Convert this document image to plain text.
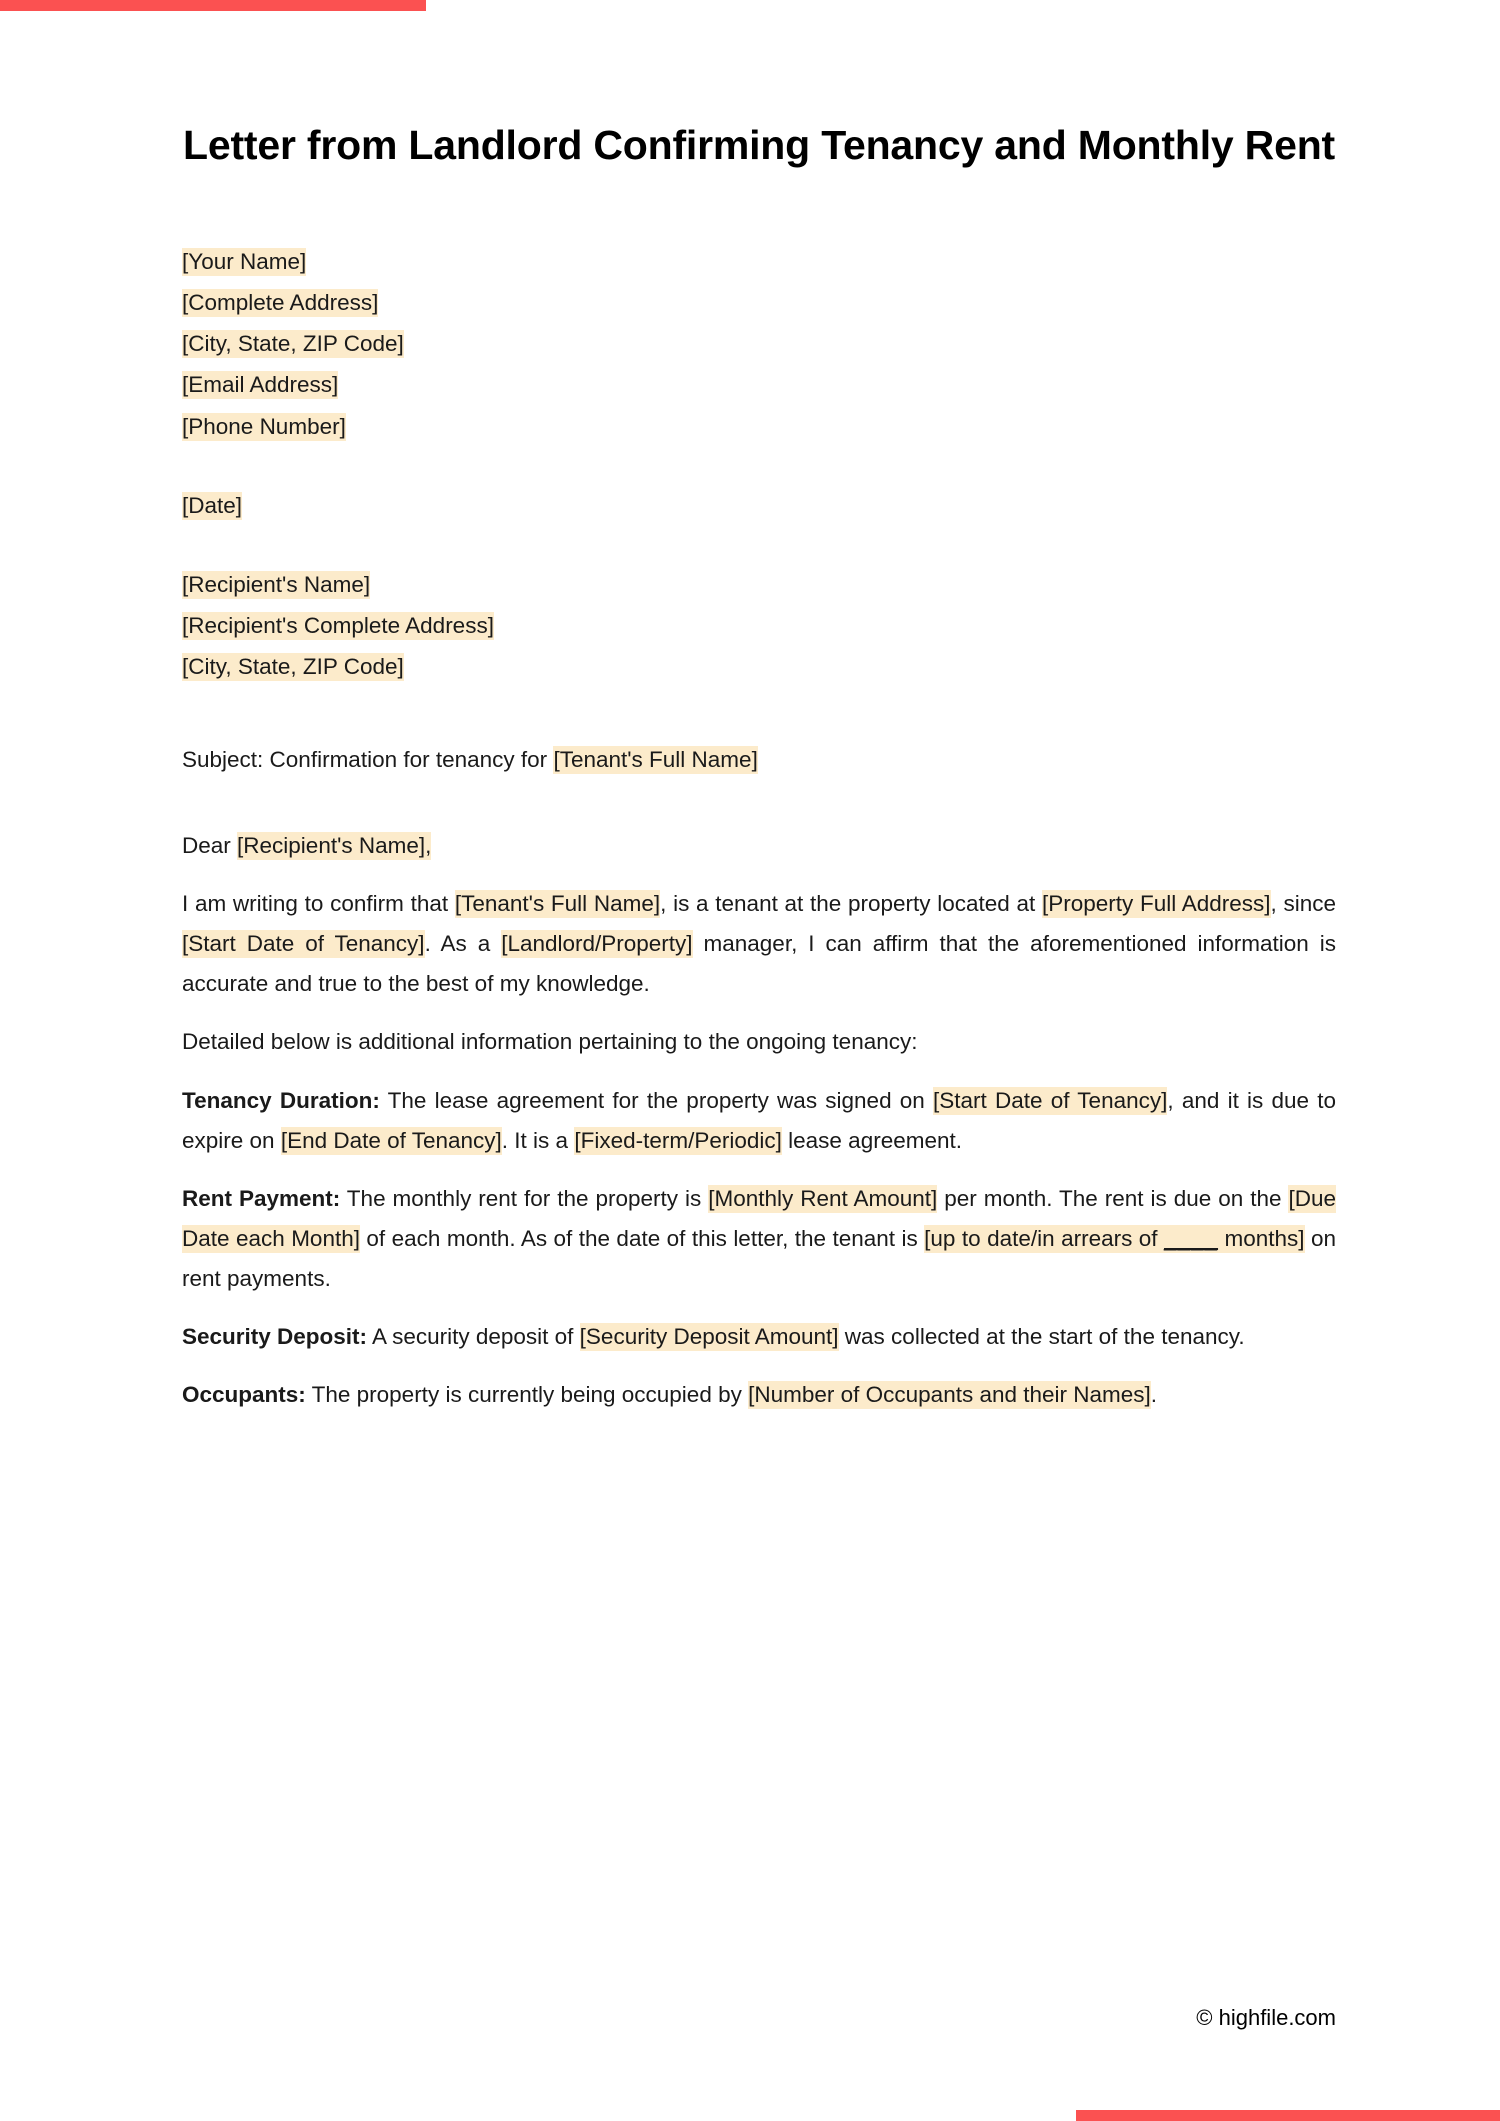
Letter from Landlord Confirming Tenancy and Monthly Rent
[Your Name]
[Complete Address]
[City, State, ZIP Code]
[Email Address]
[Phone Number]
[Date]
[Recipient's Name]
[Recipient's Complete Address]
[City, State, ZIP Code]

Subject: Confirmation for tenancy for [Tenant's Full Name]

Dear [Recipient's Name],

I am writing to confirm that [Tenant's Full Name], is a tenant at the property located at [Property Full Address], since [Start Date of Tenancy]. As a [Landlord/Property] manager, I can affirm that the aforementioned information is accurate and true to the best of my knowledge.

Detailed below is additional information pertaining to the ongoing tenancy:

Tenancy Duration: The lease agreement for the property was signed on [Start Date of Tenancy], and it is due to expire on [End Date of Tenancy]. It is a [Fixed-term/Periodic] lease agreement.

Rent Payment: The monthly rent for the property is [Monthly Rent Amount] per month. The rent is due on the [Due Date each Month] of each month. As of the date of this letter, the tenant is [up to date/in arrears of ____ months] on rent payments.

Security Deposit: A security deposit of [Security Deposit Amount] was collected at the start of the tenancy.

Occupants: The property is currently being occupied by [Number of Occupants and their Names].

© highfile.com
